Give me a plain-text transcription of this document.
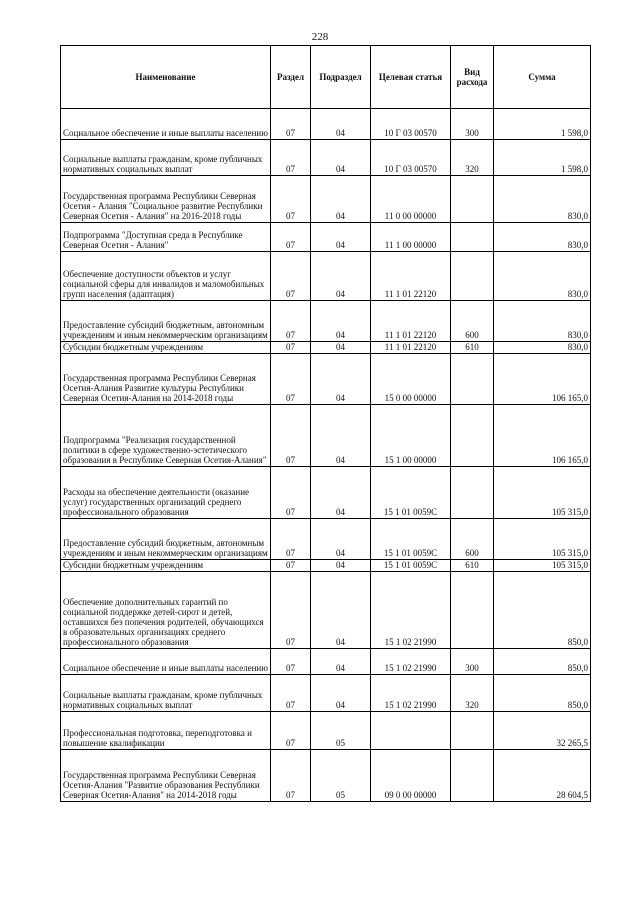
228
Наименование	Раздел	Подраздел	Целевая статья	Вид расхода	Сумма
Социальное обеспечение и иные выплаты населению	07	04	10 Г 03 00570	300	1 598,0
Социальные выплаты гражданам, кроме публичных нормативных социальных выплат	07	04	10 Г 03 00570	320	1 598,0
Государственная программа Республики Северная Осетия - Алания "Социальное развитие Республики Северная Осетия - Алания" на 2016-2018 годы	07	04	11 0 00 00000		830,0
Подпрограмма "Доступная среда в Республике Северная Осетия - Алания"	07	04	11 1 00 00000		830,0
Обеспечение доступности объектов и услуг социальной сферы для инвалидов и маломобильных групп населения (адаптация)	07	04	11 1 01 22120		830,0
Предоставление субсидий бюджетным, автономным учреждениям и иным некоммерческим организациям	07	04	11 1 01 22120	600	830,0
Субсидии бюджетным учреждениям	07	04	11 1 01 22120	610	830,0
Государственная программа Республики Северная Осетия-Алания Развитие культуры Республики Северная Осетия-Алания на 2014-2018 годы	07	04	15 0 00 00000		106 165,0
Подпрограмма "Реализация государственной политики в сфере художественно-эстетического образования в Республике Северная Осетия-Алания"	07	04	15 1 00 00000		106 165,0
Расходы на обеспечение деятельности (оказание услуг) государственных организаций среднего профессионального образования	07	04	15 1 01 0059С		105 315,0
Предоставление субсидий бюджетным, автономным учреждениям и иным некоммерческим организациям	07	04	15 1 01 0059С	600	105 315,0
Субсидии бюджетным учреждениям	07	04	15 1 01 0059С	610	105 315,0
Обеспечение дополнительных гарантий по социальной поддержке детей-сирот и детей, оставшихся без попечения родителей, обучающихся в образовательных организациях среднего профессионального образования	07	04	15 1 02 21990		850,0
Социальное обеспечение и иные выплаты населению	07	04	15 1 02 21990	300	850,0
Социальные выплаты гражданам, кроме публичных нормативных социальных выплат	07	04	15 1 02 21990	320	850,0
Профессиональная подготовка, переподготовка и повышение квалификации	07	05			32 265,5
Государственная программа Республики Северная Осетия-Алания "Развитие образования Республики Северная Осетия-Алания" на 2014-2018 годы	07	05	09 0 00 00000		28 604,5
